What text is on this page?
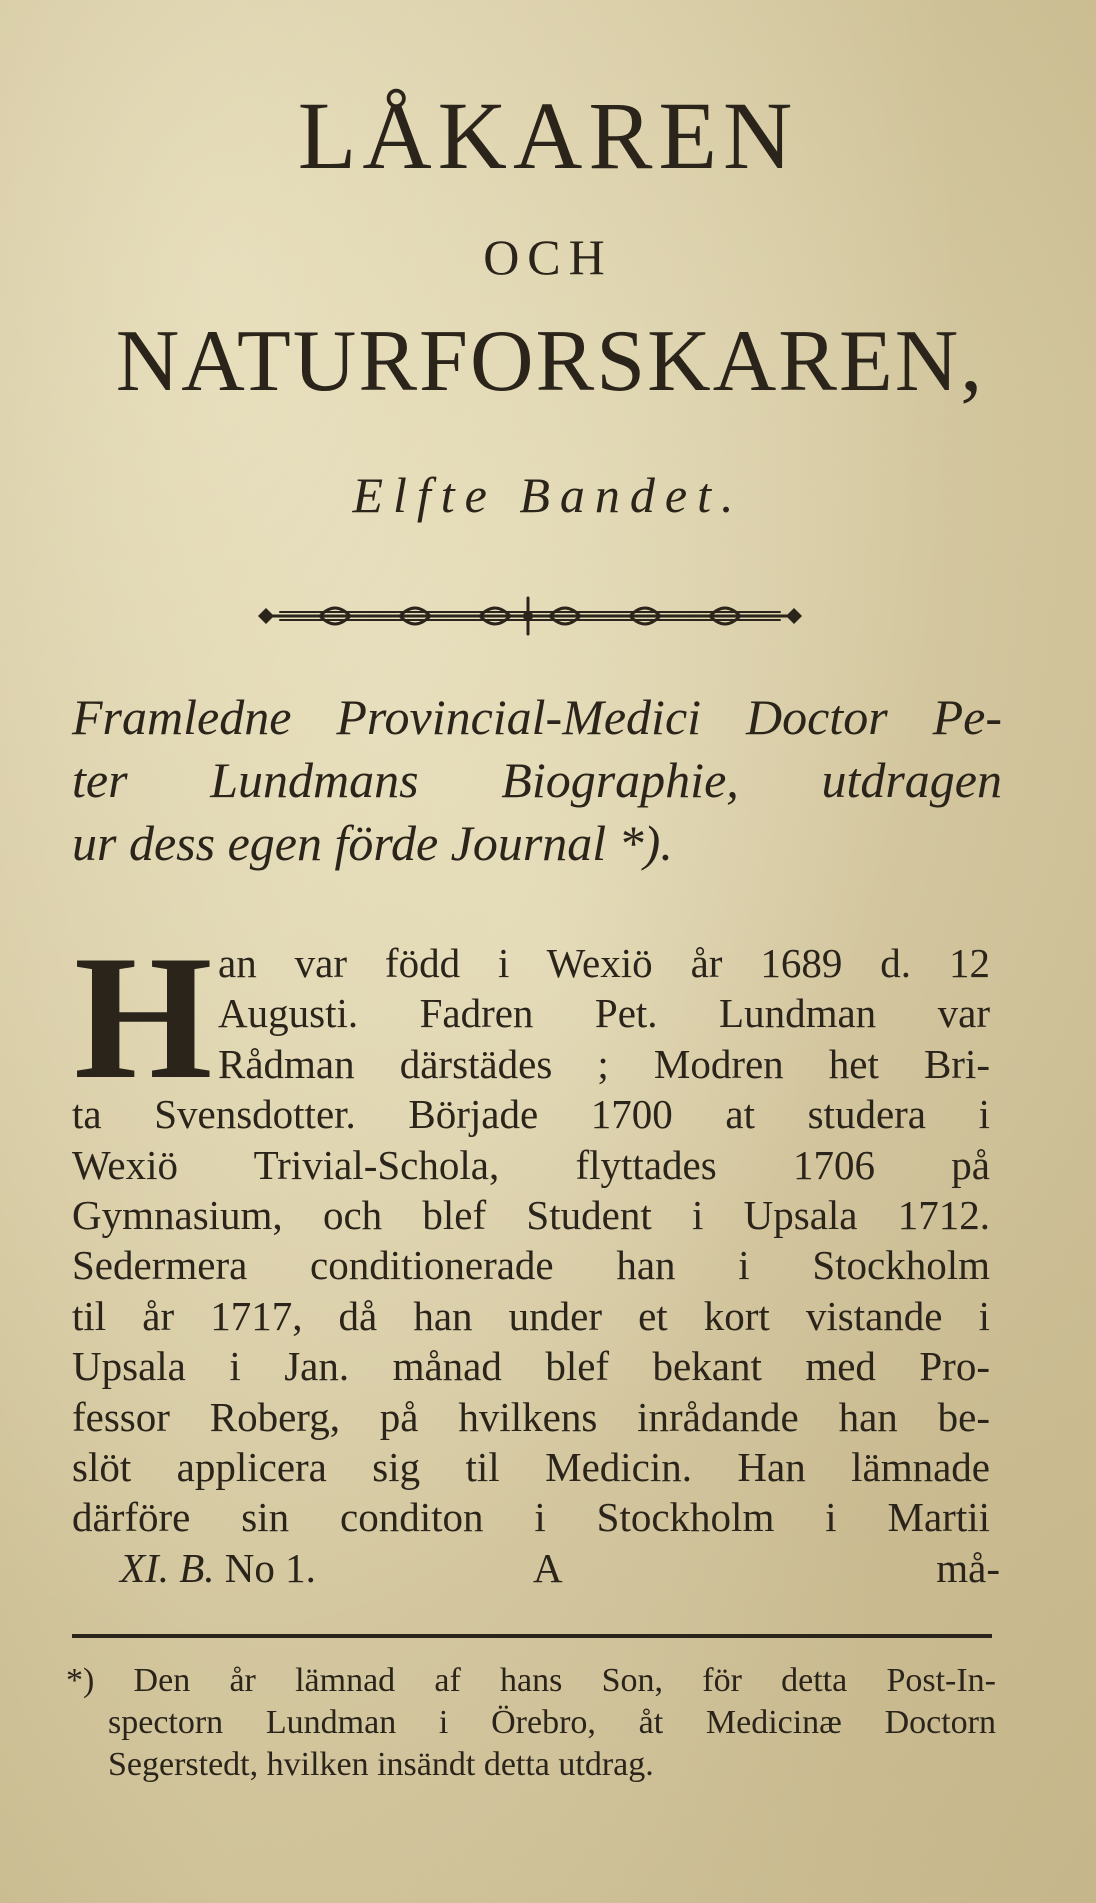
LÅKAREN
OCH
NATURFORSKAREN,
Elfte Bandet.
Framledne Provincial-Medici Doctor Pe-
ter Lundmans Biographie, utdragen
ur dess egen förde Journal *).
H an var född i Wexiö år 1689 d. 12
Augusti. Fadren Pet. Lundman var
Rådman därstädes ; Modren het Bri-
ta Svensdotter. Började 1700 at studera i
Wexiö Trivial-Schola, flyttades 1706 på
Gymnasium, och blef Student i Upsala 1712.
Sedermera conditionerade han i Stockholm
til år 1717, då han under et kort vistande i
Upsala i Jan. månad blef bekant med Pro-
fessor Roberg, på hvilkens inrådande han be-
slöt applicera sig til Medicin. Han lämnade
därföre sin conditon i Stockholm i Martii
XI. B. No 1.	A	må-
*) Den år lämnad af hans Son, för detta Post-In-
spectorn Lundman i Örebro, åt Medicinæ Doctorn
Segerstedt, hvilken insändt detta utdrag.
